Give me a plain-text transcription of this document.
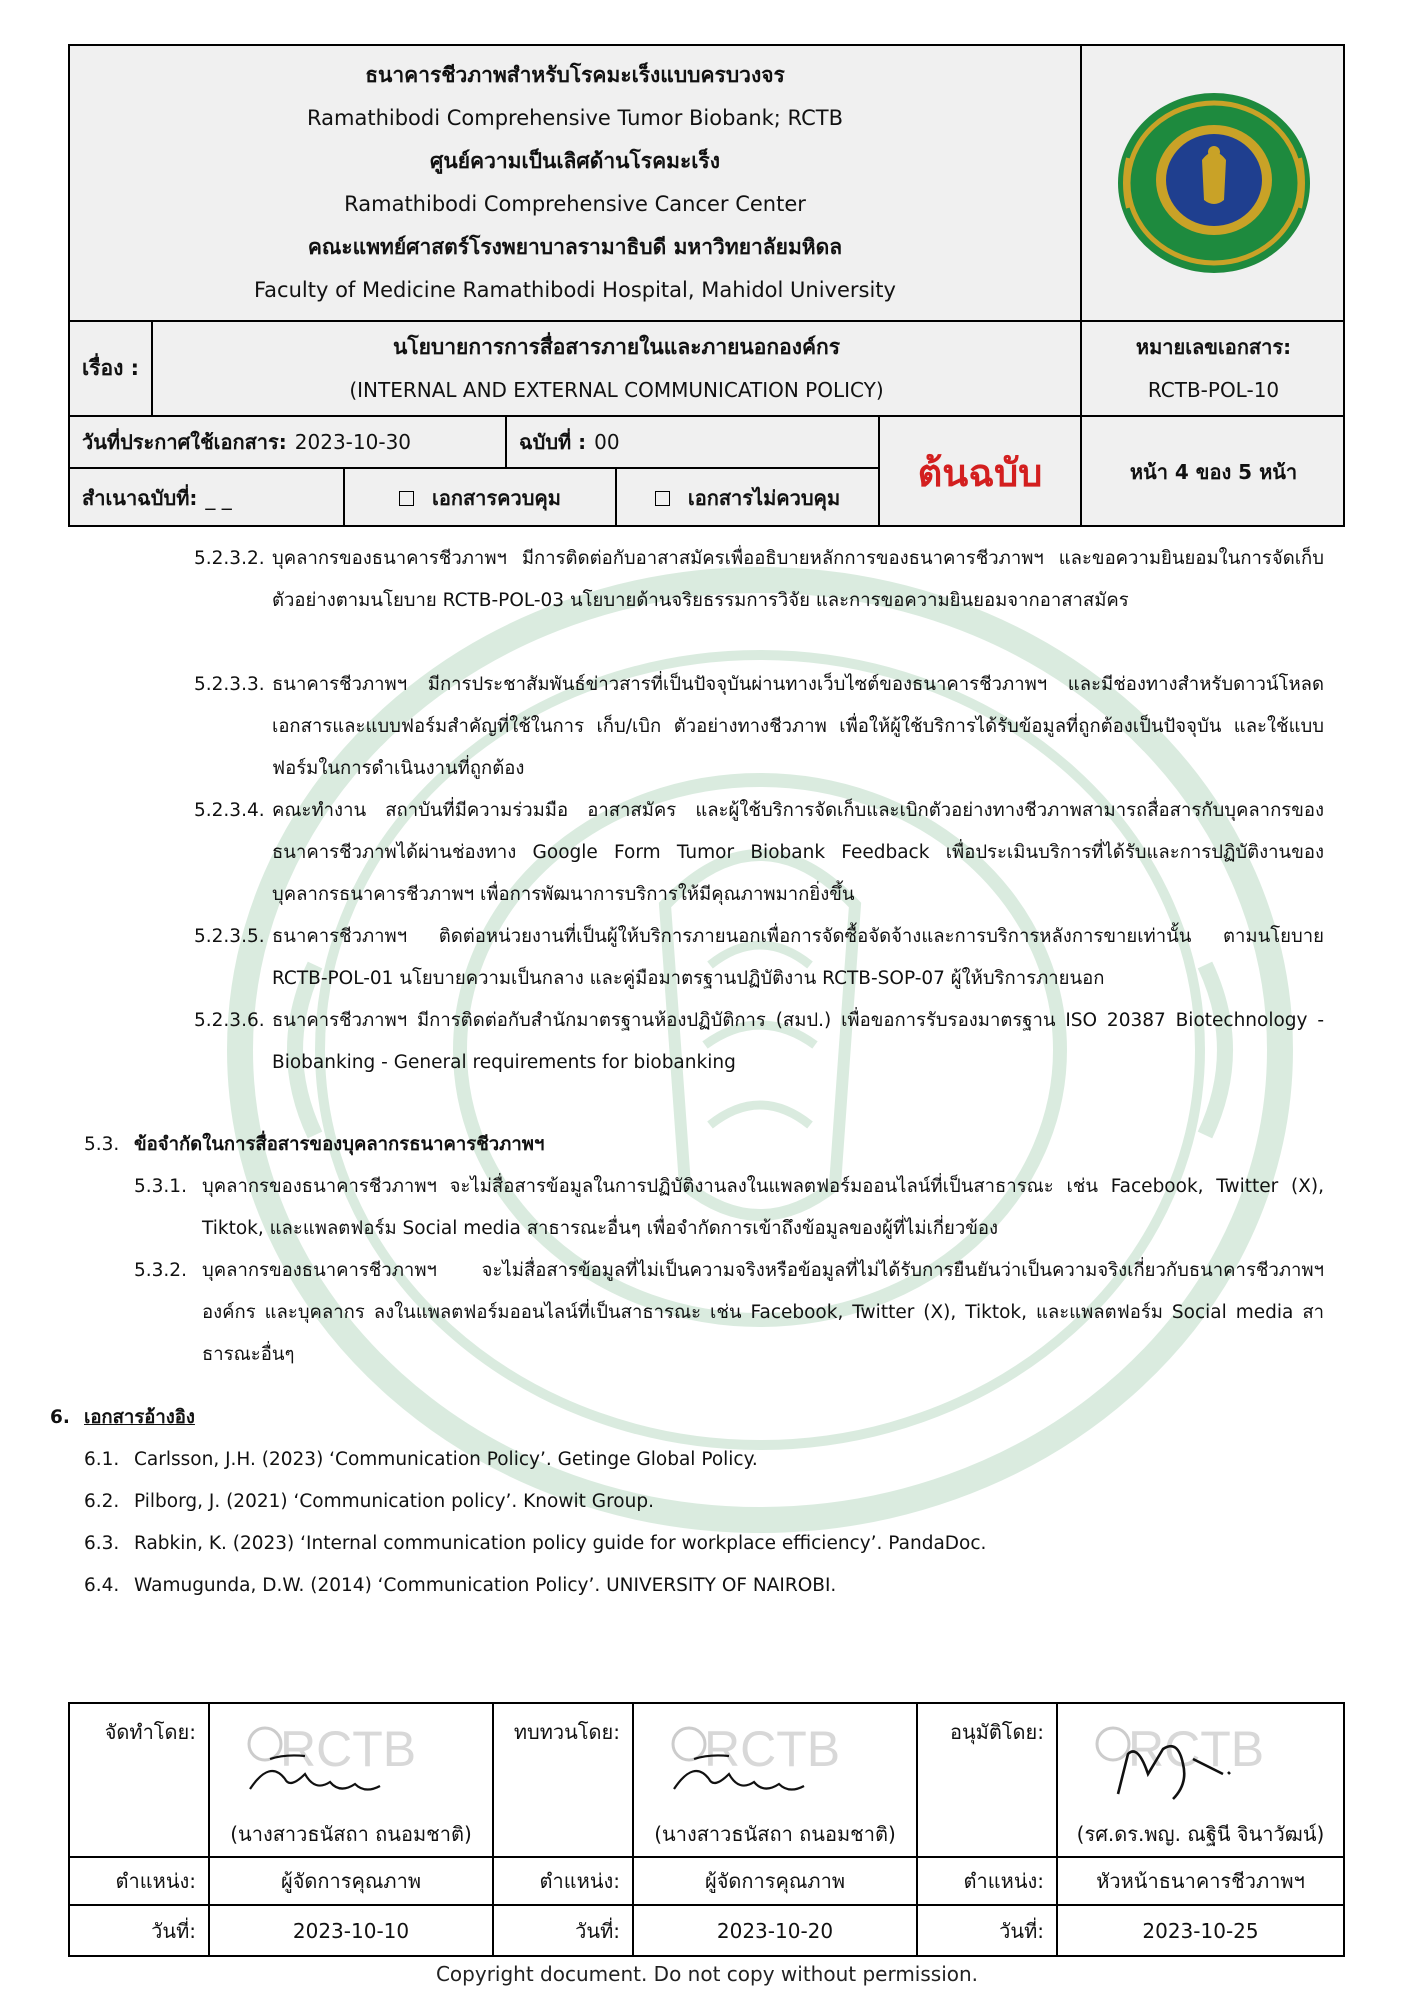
ธนาคารชีวภาพสำหรับโรคมะเร็งแบบครบวงจร
Ramathibodi Comprehensive Tumor Biobank; RCTB
ศูนย์ความเป็นเลิศด้านโรคมะเร็ง
Ramathibodi Comprehensive Cancer Center
คณะแพทย์ศาสตร์โรงพยาบาลรามาธิบดี มหาวิทยาลัยมหิดล
Faculty of Medicine Ramathibodi Hospital, Mahidol University
เรื่อง :
นโยบายการการสื่อสารภายในและภายนอกองค์กร
(INTERNAL AND EXTERNAL COMMUNICATION POLICY)
หมายเลขเอกสาร:
RCTB-POL-10
วันที่ประกาศใช้เอกสาร: 2023-10-30	ฉบับที่ : 00
ต้นฉบับ	หน้า 4 ของ 5 หน้า
สำเนาฉบับที่: _ _	เอกสารควบคุม	เอกสารไม่ควบคุม
5.2.3.2. บุคลากรของธนาคารชีวภาพฯ มีการติดต่อกับอาสาสมัครเพื่ออธิบายหลักการของธนาคารชีวภาพฯ และขอความยินยอมในการจัดเก็บตัวอย่างตามนโยบาย RCTB-POL-03 นโยบายด้านจริยธรรมการวิจัย และการขอความยินยอมจากอาสาสมัคร
5.2.3.3. ธนาคารชีวภาพฯ มีการประชาสัมพันธ์ข่าวสารที่เป็นปัจจุบันผ่านทางเว็บไซต์ของธนาคารชีวภาพฯ และมีช่องทางสำหรับดาวน์โหลดเอกสารและแบบฟอร์มสำคัญที่ใช้ในการ เก็บ/เบิก ตัวอย่างทางชีวภาพ เพื่อให้ผู้ใช้บริการได้รับข้อมูลที่ถูกต้องเป็นปัจจุบัน และใช้แบบฟอร์มในการดำเนินงานที่ถูกต้อง
5.2.3.4. คณะทำงาน สถาบันที่มีความร่วมมือ อาสาสมัคร และผู้ใช้บริการจัดเก็บและเบิกตัวอย่างทางชีวภาพสามารถสื่อสารกับบุคลากรของธนาคารชีวภาพได้ผ่านช่องทาง Google Form Tumor Biobank Feedback เพื่อประเมินบริการที่ได้รับและการปฏิบัติงานของบุคลากรธนาคารชีวภาพฯ เพื่อการพัฒนาการบริการให้มีคุณภาพมากยิ่งขึ้น
5.2.3.5. ธนาคารชีวภาพฯ ติดต่อหน่วยงานที่เป็นผู้ให้บริการภายนอกเพื่อการจัดซื้อจัดจ้างและการบริการหลังการขายเท่านั้น ตามนโยบาย RCTB-POL-01 นโยบายความเป็นกลาง และคู่มือมาตรฐานปฏิบัติงาน RCTB-SOP-07 ผู้ให้บริการภายนอก
5.2.3.6. ธนาคารชีวภาพฯ มีการติดต่อกับสำนักมาตรฐานห้องปฏิบัติการ (สมป.) เพื่อขอการรับรองมาตรฐาน ISO 20387 Biotechnology - Biobanking - General requirements for biobanking
5.3. ข้อจำกัดในการสื่อสารของบุคลากรธนาคารชีวภาพฯ
5.3.1. บุคลากรของธนาคารชีวภาพฯ จะไม่สื่อสารข้อมูลในการปฏิบัติงานลงในแพลตฟอร์มออนไลน์ที่เป็นสาธารณะ เช่น Facebook, Twitter (X), Tiktok, และแพลตฟอร์ม Social media สาธารณะอื่นๆ เพื่อจำกัดการเข้าถึงข้อมูลของผู้ที่ไม่เกี่ยวข้อง
5.3.2. บุคลากรของธนาคารชีวภาพฯ จะไม่สื่อสารข้อมูลที่ไม่เป็นความจริงหรือข้อมูลที่ไม่ได้รับการยืนยันว่าเป็นความจริงเกี่ยวกับธนาคารชีวภาพฯ องค์กร และบุคลากร ลงในแพลตฟอร์มออนไลน์ที่เป็นสาธารณะ เช่น Facebook, Twitter (X), Tiktok, และแพลตฟอร์ม Social media สาธารณะอื่นๆ
6. เอกสารอ้างอิง
6.1. Carlsson, J.H. (2023) ‘Communication Policy’. Getinge Global Policy.
6.2. Pilborg, J. (2021) ‘Communication policy’. Knowit Group.
6.3. Rabkin, K. (2023) ‘Internal communication policy guide for workplace efficiency’. PandaDoc.
6.4. Wamugunda, D.W. (2014) ‘Communication Policy’. UNIVERSITY OF NAIROBI.
จัดทำโดย: RCTB
(นางสาวธนัสถา ถนอมชาติ)
ทบทวนโดย: RCTB
(นางสาวธนัสถา ถนอมชาติ)
อนุมัติโดย: RCTB
(รศ.ดร.พญ. ณฐินี จินาวัฒน์)
ตำแหน่ง:	ผู้จัดการคุณภาพ	ตำแหน่ง:	ผู้จัดการคุณภาพ	ตำแหน่ง:	หัวหน้าธนาคารชีวภาพฯ
วันที่:	2023-10-10	วันที่:	2023-10-20	วันที่:	2023-10-25
Copyright document. Do not copy without permission.
